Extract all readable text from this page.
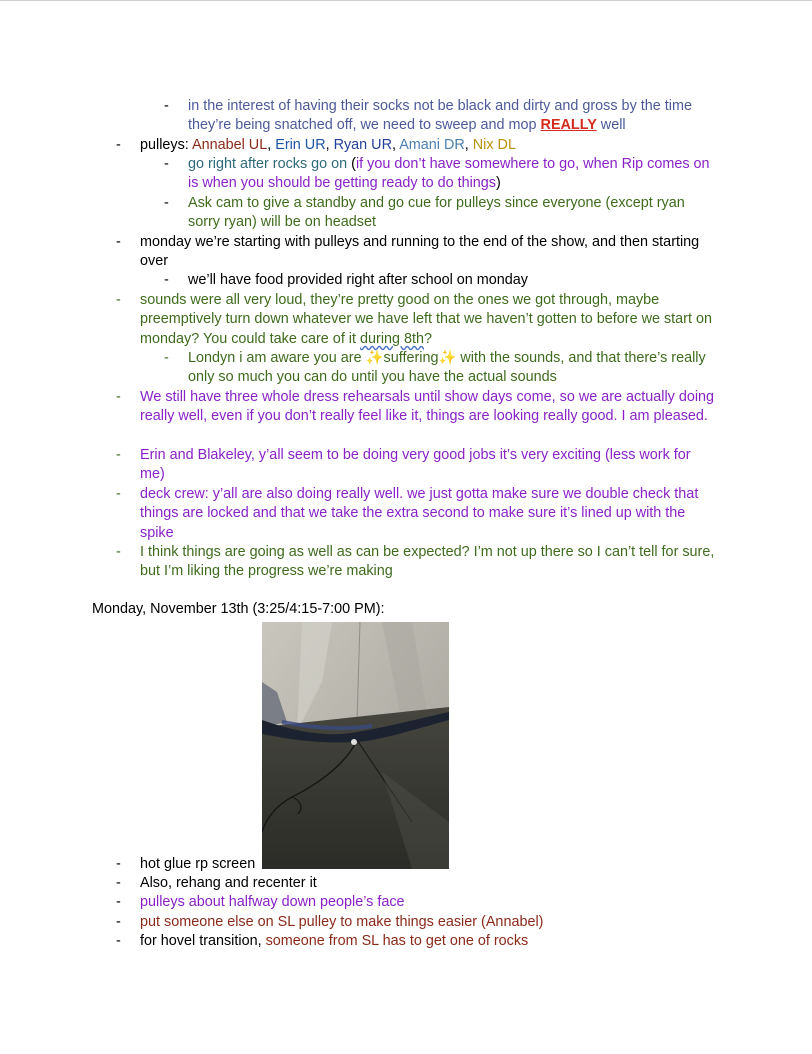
- in the interest of having their socks not be black and dirty and gross by the time they’re being snatched off, we need to sweep and mop REALLY well
- pulleys: Annabel UL, Erin UR, Ryan UR, Amani DR, Nix DL
- go right after rocks go on (if you don’t have somewhere to go, when Rip comes on is when you should be getting ready to do things)
- Ask cam to give a standby and go cue for pulleys since everyone (except ryan sorry ryan) will be on headset
- monday we’re starting with pulleys and running to the end of the show, and then starting over
- we’ll have food provided right after school on monday
- sounds were all very loud, they’re pretty good on the ones we got through, maybe preemptively turn down whatever we have left that we haven’t gotten to before we start on monday? You could take care of it during 8th?
- Londyn i am aware you are ✨suffering✨ with the sounds, and that there’s really only so much you can do until you have the actual sounds
- We still have three whole dress rehearsals until show days come, so we are actually doing really well, even if you don’t really feel like it, things are looking really good. I am pleased.
- Erin and Blakeley, y’all seem to be doing very good jobs it’s very exciting (less work for me)
- deck crew: y’all are also doing really well. we just gotta make sure we double check that things are locked and that we take the extra second to make sure it’s lined up with the spike
- I think things are going as well as can be expected? I’m not up there so I can’t tell for sure, but I’m liking the progress we’re making
Monday, November 13th (3:25/4:15-7:00 PM):
- hot glue rp screen
- Also, rehang and recenter it
- pulleys about halfway down people’s face
- put someone else on SL pulley to make things easier (Annabel)
- for hovel transition, someone from SL has to get one of rocks
